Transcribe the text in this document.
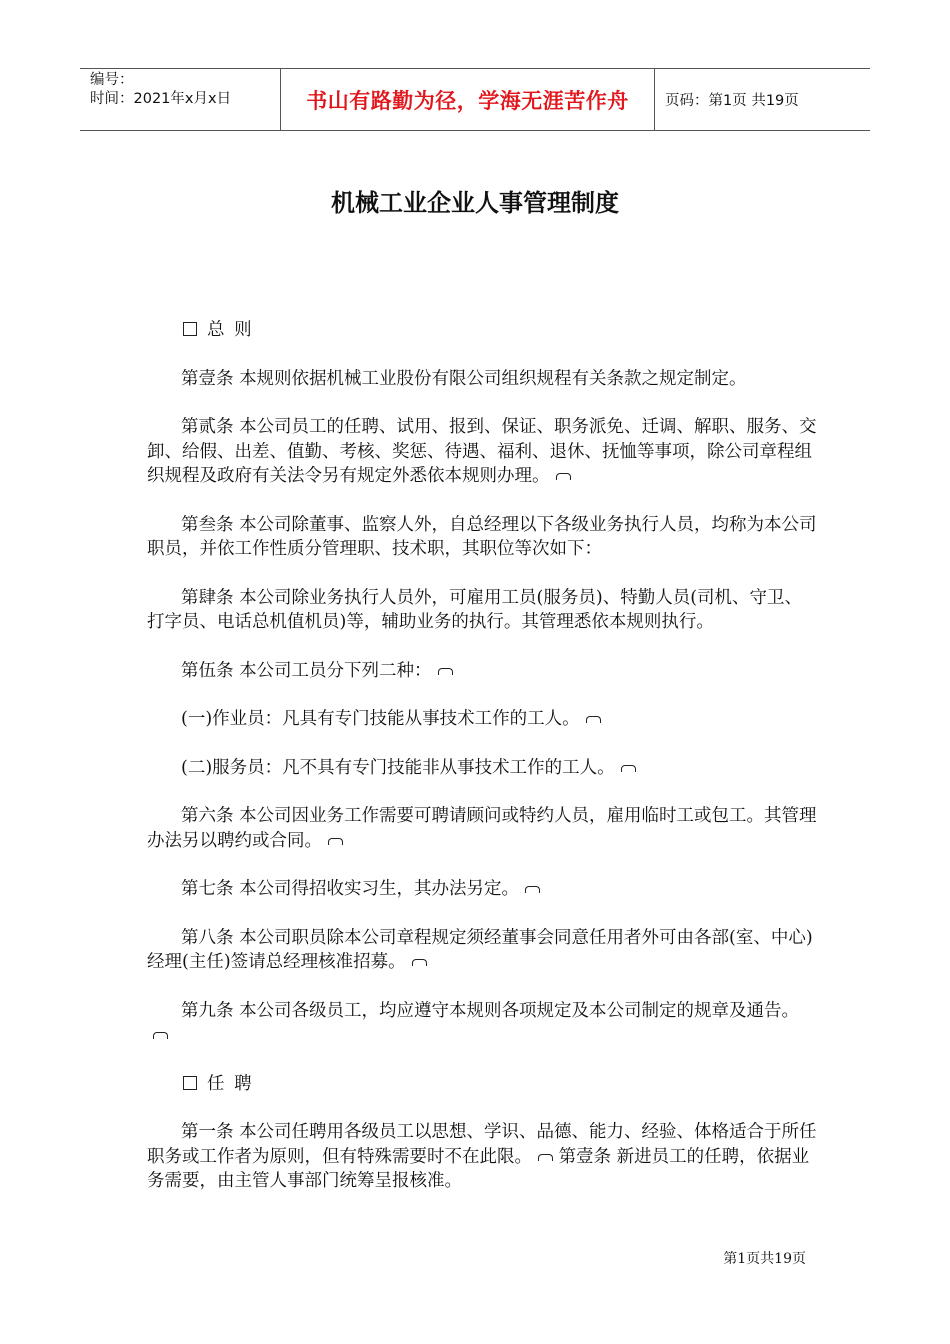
编号：
时间：2021年x月x日	书山有路勤为径，学海无涯苦作舟	页码：第1页 共19页
机械工业企业人事管理制度
总 则

第壹条 本规则依据机械工业股份有限公司组织规程有关条款之规定制定。

第贰条 本公司员工的任聘、试用、报到、保证、职务派免、迁调、解职、服务、交卸、给假、出差、值勤、考核、奖惩、待遇、福利、退休、抚恤等事项，除公司章程组织规程及政府有关法令另有规定外悉依本规则办理。

第叁条 本公司除董事、监察人外，自总经理以下各级业务执行人员，均称为本公司职员，并依工作性质分管理职、技术职，其职位等次如下：

第肆条 本公司除业务执行人员外，可雇用工员(服务员)、特勤人员(司机、守卫、打字员、电话总机值机员)等，辅助业务的执行。其管理悉依本规则执行。

第伍条 本公司工员分下列二种：

(一)作业员：凡具有专门技能从事技术工作的工人。

(二)服务员：凡不具有专门技能非从事技术工作的工人。

第六条 本公司因业务工作需要可聘请顾问或特约人员，雇用临时工或包工。其管理办法另以聘约或合同。

第七条 本公司得招收实习生，其办法另定。

第八条 本公司职员除本公司章程规定须经董事会同意任用者外可由各部(室、中心)经理(主任)签请总经理核准招募。

第九条 本公司各级员工，均应遵守本规则各项规定及本公司制定的规章及通告。

任 聘

第一条 本公司任聘用各级员工以思想、学识、品德、能力、经验、体格适合于所任职务或工作者为原则，但有特殊需要时不在此限。 第壹条 新进员工的任聘，依据业务需要，由主管人事部门统筹呈报核准。

第1页共19页
